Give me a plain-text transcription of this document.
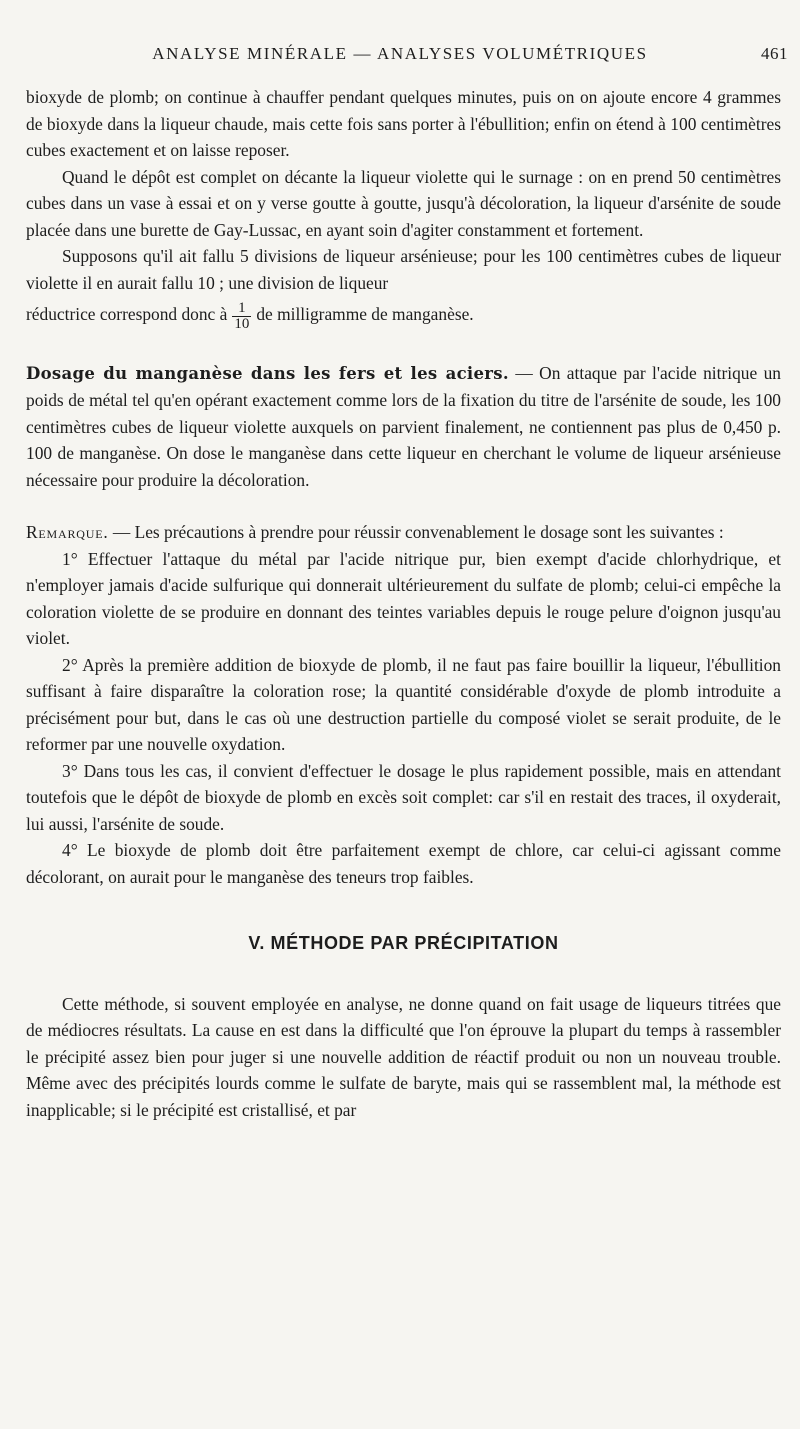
ANALYSE MINÉRALE — ANALYSES VOLUMÉTRIQUES	461

bioxyde de plomb; on continue à chauffer pendant quelques minutes, puis on on ajoute encore 4 grammes de bioxyde dans la liqueur chaude, mais cette fois sans porter à l'ébullition; enfin on étend à 100 centimètres cubes exactement et on laisse reposer.

Quand le dépôt est complet on décante la liqueur violette qui le surnage : on en prend 50 centimètres cubes dans un vase à essai et on y verse goutte à goutte, jusqu'à décoloration, la liqueur d'arsénite de soude placée dans une burette de Gay-Lussac, en ayant soin d'agiter constamment et fortement.

Supposons qu'il ait fallu 5 divisions de liqueur arsénieuse; pour les 100 centimètres cubes de liqueur violette il en aurait fallu 10 ; une division de liqueur

réductrice correspond donc à $\frac{1}{10}$ de milligramme de manganèse.

Dosage du manganèse dans les fers et les aciers. — On attaque par l'acide nitrique un poids de métal tel qu'en opérant exactement comme lors de la fixation du titre de l'arsénite de soude, les 100 centimètres cubes de liqueur violette auxquels on parvient finalement, ne contiennent pas plus de 0,450 p. 100 de manganèse. On dose le manganèse dans cette liqueur en cherchant le volume de liqueur arsénieuse nécessaire pour produire la décoloration.

Remarque. — Les précautions à prendre pour réussir convenablement le dosage sont les suivantes :

1° Effectuer l'attaque du métal par l'acide nitrique pur, bien exempt d'acide chlorhydrique, et n'employer jamais d'acide sulfurique qui donnerait ultérieurement du sulfate de plomb; celui-ci empêche la coloration violette de se produire en donnant des teintes variables depuis le rouge pelure d'oignon jusqu'au violet.

2° Après la première addition de bioxyde de plomb, il ne faut pas faire bouillir la liqueur, l'ébullition suffisant à faire disparaître la coloration rose; la quantité considérable d'oxyde de plomb introduite a précisément pour but, dans le cas où une destruction partielle du composé violet se serait produite, de le reformer par une nouvelle oxydation.

3° Dans tous les cas, il convient d'effectuer le dosage le plus rapidement possible, mais en attendant toutefois que le dépôt de bioxyde de plomb en excès soit complet: car s'il en restait des traces, il oxyderait, lui aussi, l'arsénite de soude.

4° Le bioxyde de plomb doit être parfaitement exempt de chlore, car celui-ci agissant comme décolorant, on aurait pour le manganèse des teneurs trop faibles.

V. MÉTHODE PAR PRÉCIPITATION

Cette méthode, si souvent employée en analyse, ne donne quand on fait usage de liqueurs titrées que de médiocres résultats. La cause en est dans la difficulté que l'on éprouve la plupart du temps à rassembler le précipité assez bien pour juger si une nouvelle addition de réactif produit ou non un nouveau trouble. Même avec des précipités lourds comme le sulfate de baryte, mais qui se rassemblent mal, la méthode est inapplicable; si le précipité est cristallisé, et par
